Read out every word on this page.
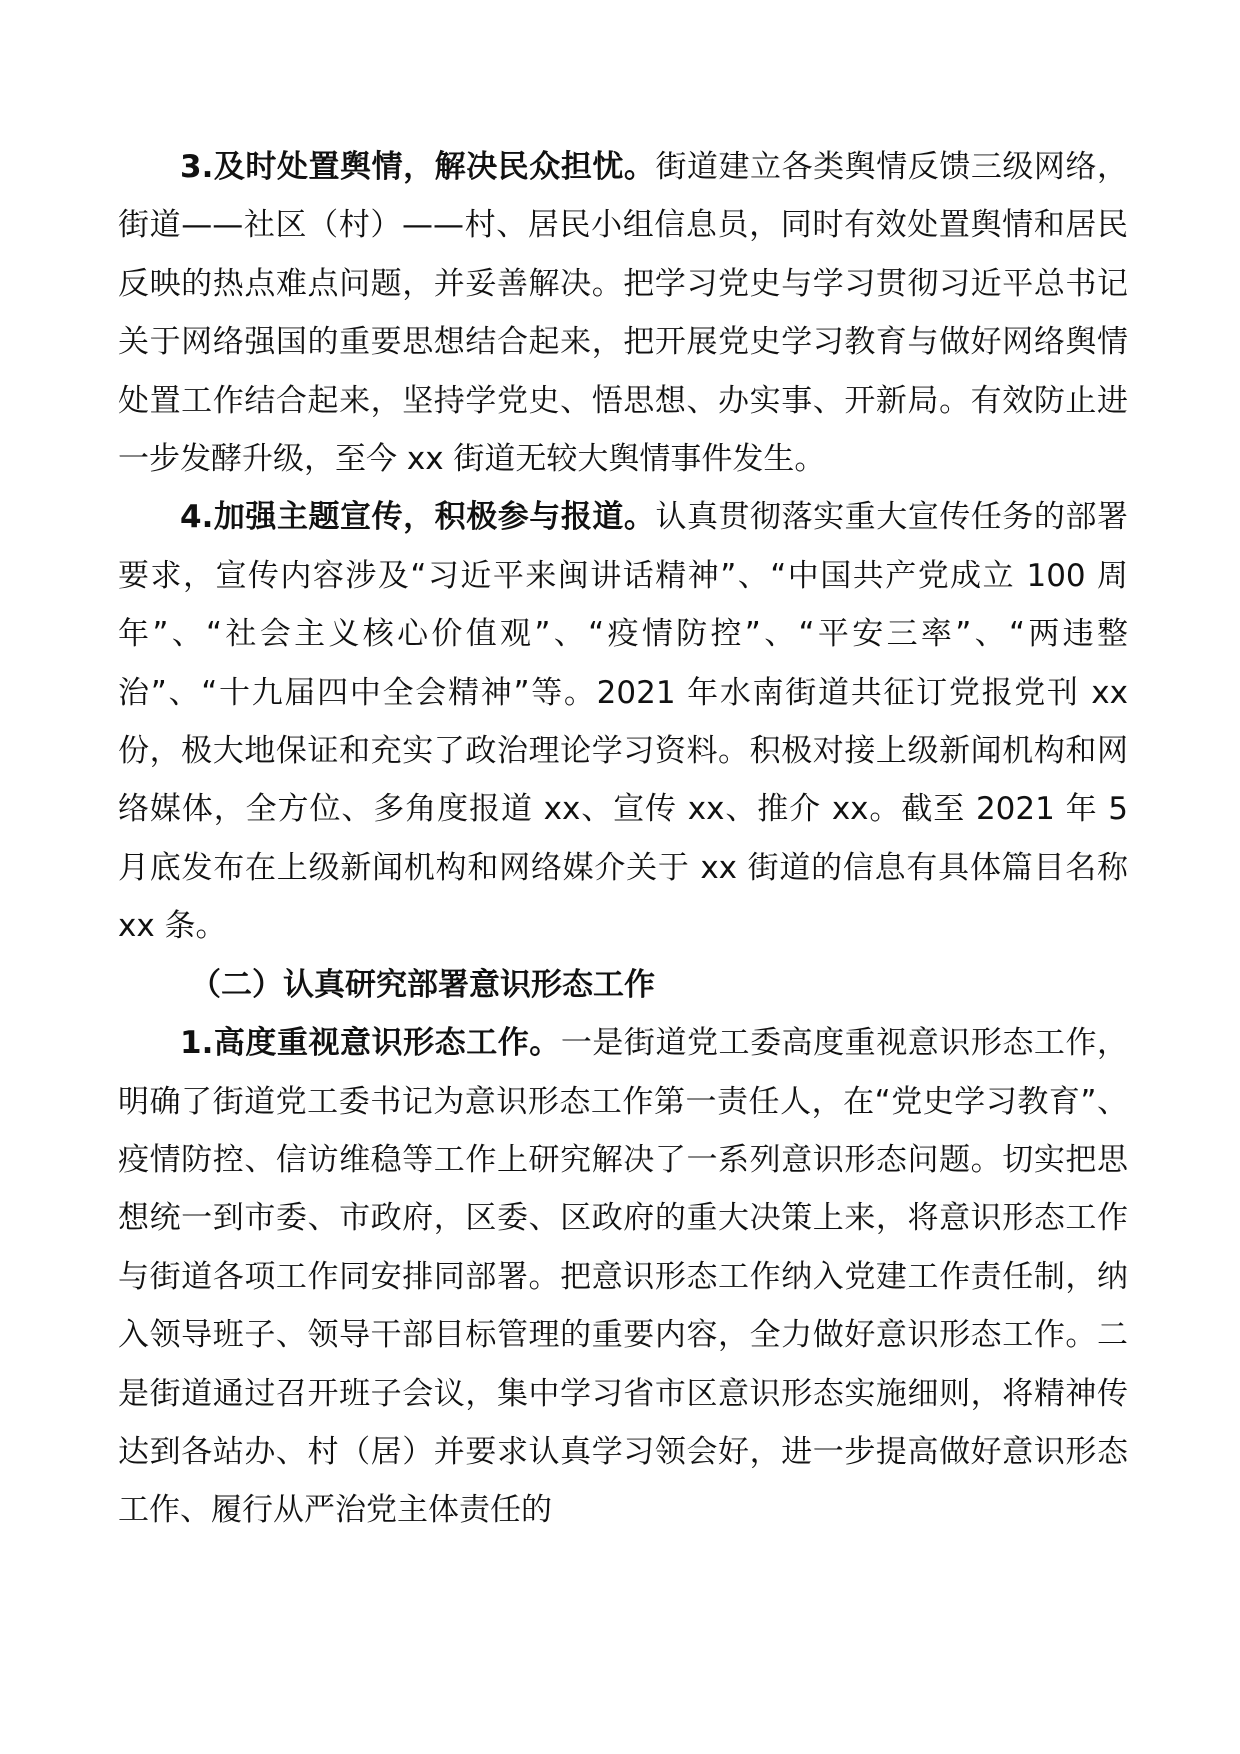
3.及时处置舆情，解决民众担忧。街道建立各类舆情反馈三级网络，街道——社区（村）——村、居民小组信息员，同时有效处置舆情和居民反映的热点难点问题，并妥善解决。把学习党史与学习贯彻习近平总书记关于网络强国的重要思想结合起来，把开展党史学习教育与做好网络舆情处置工作结合起来，坚持学党史、悟思想、办实事、开新局。有效防止进一步发酵升级，至今 xx 街道无较大舆情事件发生。

4.加强主题宣传，积极参与报道。认真贯彻落实重大宣传任务的部署要求，宣传内容涉及“习近平来闽讲话精神”、“中国共产党成立 100 周年”、“社会主义核心价值观”、“疫情防控”、“平安三率”、“两违整治”、“十九届四中全会精神”等。2021 年水南街道共征订党报党刊 xx 份，极大地保证和充实了政治理论学习资料。积极对接上级新闻机构和网络媒体，全方位、多角度报道 xx、宣传 xx、推介 xx。截至 2021 年 5 月底发布在上级新闻机构和网络媒介关于 xx 街道的信息有具体篇目名称 xx 条。

（二）认真研究部署意识形态工作

1.高度重视意识形态工作。一是街道党工委高度重视意识形态工作，明确了街道党工委书记为意识形态工作第一责任人，在“党史学习教育”、疫情防控、信访维稳等工作上研究解决了一系列意识形态问题。切实把思想统一到市委、市政府，区委、区政府的重大决策上来，将意识形态工作与街道各项工作同安排同部署。把意识形态工作纳入党建工作责任制，纳入领导班子、领导干部目标管理的重要内容，全力做好意识形态工作。二是街道通过召开班子会议，集中学习省市区意识形态实施细则，将精神传达到各站办、村（居）并要求认真学习领会好，进一步提高做好意识形态工作、履行从严治党主体责任的
